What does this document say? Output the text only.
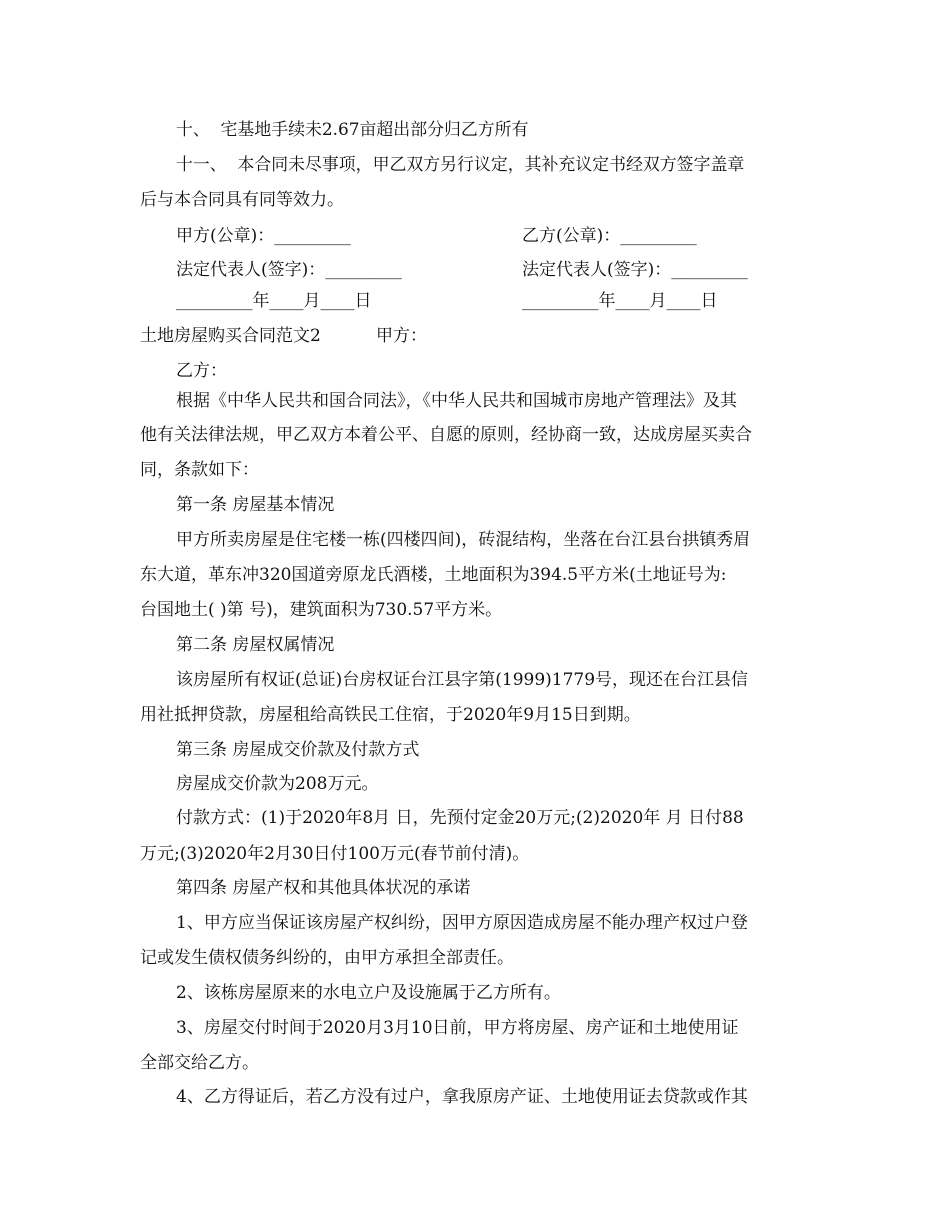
十、  宅基地手续未2.67亩超出部分归乙方所有
十一、  本合同未尽事项，甲乙双方另行议定，其补充议定书经双方签字盖章
后与本合同具有同等效力。
甲方(公章)：_________	乙方(公章)：_________
法定代表人(签字)：_________	法定代表人(签字)：_________
_________年____月____日	_________年____月____日
土地房屋购买合同范文2	甲方：
乙方：
根据《中华人民共和国合同法》，《中华人民共和国城市房地产管理法》及其
他有关法律法规，甲乙双方本着公平、自愿的原则，经协商一致，达成房屋买卖合
同，条款如下：
第一条 房屋基本情况
甲方所卖房屋是住宅楼一栋(四楼四间)，砖混结构，坐落在台江县台拱镇秀眉
东大道，革东冲320国道旁原龙氏酒楼，土地面积为394.5平方米(土地证号为:
台国地土( )第 号)，建筑面积为730.57平方米。
第二条 房屋权属情况
该房屋所有权证(总证)台房权证台江县字第(1999)1779号，现还在台江县信
用社抵押贷款，房屋租给高铁民工住宿，于2020年9月15日到期。
第三条 房屋成交价款及付款方式
房屋成交价款为208万元。
付款方式：(1)于2020年8月 日，先预付定金20万元;(2)2020年 月 日付88
万元;(3)2020年2月30日付100万元(春节前付清)。
第四条 房屋产权和其他具体状况的承诺
1、甲方应当保证该房屋产权纠纷，因甲方原因造成房屋不能办理产权过户登
记或发生债权债务纠纷的，由甲方承担全部责任。
2、该栋房屋原来的水电立户及设施属于乙方所有。
3、房屋交付时间于2020月3月10日前，甲方将房屋、房产证和土地使用证
全部交给乙方。
4、乙方得证后，若乙方没有过户，拿我原房产证、土地使用证去贷款或作其
